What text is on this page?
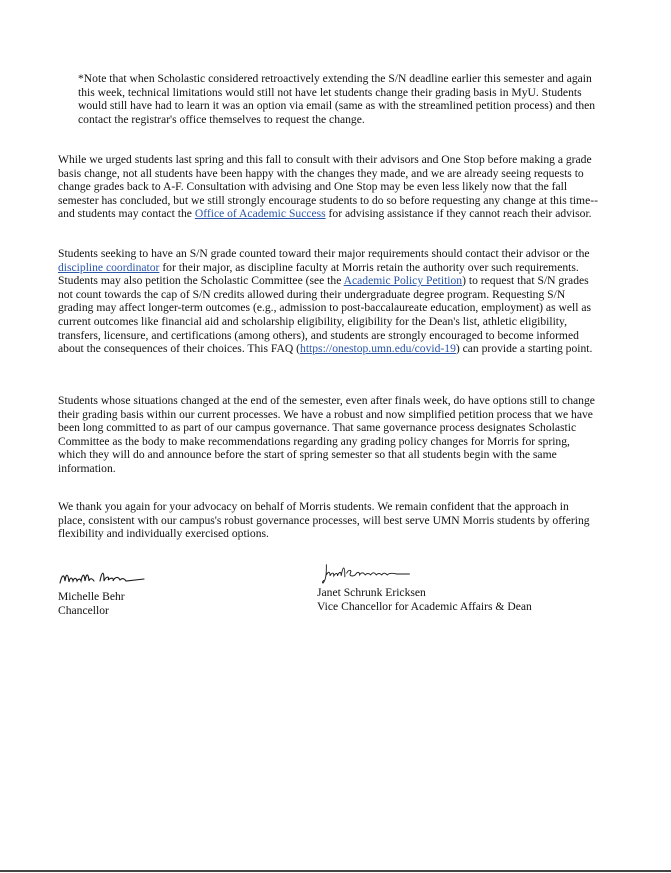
*Note that when Scholastic considered retroactively extending the S/N deadline earlier this semester and again this week, technical limitations would still not have let students change their grading basis in MyU. Students would still have had to learn it was an option via email (same as with the streamlined petition process) and then contact the registrar's office themselves to request the change.

While we urged students last spring and this fall to consult with their advisors and One Stop before making a grade basis change, not all students have been happy with the changes they made, and we are already seeing requests to change grades back to A-F. Consultation with advising and One Stop may be even less likely now that the fall semester has concluded, but we still strongly encourage students to do so before requesting any change at this time--and students may contact the Office of Academic Success for advising assistance if they cannot reach their advisor.

Students seeking to have an S/N grade counted toward their major requirements should contact their advisor or the discipline coordinator for their major, as discipline faculty at Morris retain the authority over such requirements. Students may also petition the Scholastic Committee (see the Academic Policy Petition) to request that S/N grades not count towards the cap of S/N credits allowed during their undergraduate degree program. Requesting S/N grading may affect longer-term outcomes (e.g., admission to post-baccalaureate education, employment) as well as current outcomes like financial aid and scholarship eligibility, eligibility for the Dean's list, athletic eligibility, transfers, licensure, and certifications (among others), and students are strongly encouraged to become informed about the consequences of their choices. This FAQ (https://onestop.umn.edu/covid-19) can provide a starting point.

Students whose situations changed at the end of the semester, even after finals week, do have options still to change their grading basis within our current processes. We have a robust and now simplified petition process that we have been long committed to as part of our campus governance. That same governance process designates Scholastic Committee as the body to make recommendations regarding any grading policy changes for Morris for spring, which they will do and announce before the start of spring semester so that all students begin with the same information.

We thank you again for your advocacy on behalf of Morris students. We remain confident that the approach in place, consistent with our campus's robust governance processes, will best serve UMN Morris students by offering flexibility and individually exercised options.

Michelle Behr
Chancellor
Janet Schrunk Ericksen
Vice Chancellor for Academic Affairs & Dean
